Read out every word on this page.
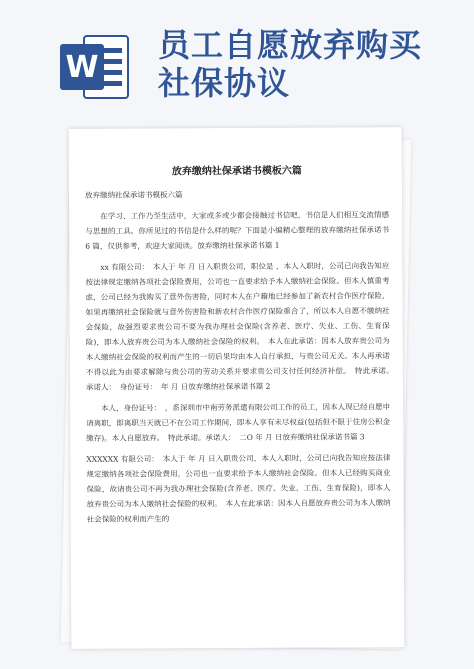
W
员工自愿放弃购买
社保协议
放弃缴纳社保承诺书模板六篇

放弃缴纳社保承诺书模板六篇

在学习、工作乃至生活中，大家或多或少都会接触过书信吧，书信是人们相互交流情感与思想的工具。你所见过的书信是什么样的呢？下面是小编精心整理的放弃缴纳社保承诺书 6 篇，仅供参考，欢迎大家阅读。放弃缴纳社保承诺书篇 1

xx 有限公司：　本人于 年 月 日入职贵公司，职位是 ，本人入职时，公司已向我告知应按法律规定缴纳各项社会保险费用，公司也一直要求给予本人缴纳社会保险。但本人慎重考虑，公司已经为我购买了意外伤害险，同时本人在户籍地已经参加了新农村合作医疗保险，如果再缴纳社会保险就与意外伤害险和新农村合作医疗保险重合了，所以本人自愿不缴纳社会保险，故强烈要求贵公司不要为我办理社会保险(含养老、医疗、失业、工伤、生育保险)，即本人放弃贵公司为本人缴纳社会保险的权利。　本人在此承诺：因本人放弃贵公司为本人缴纳社会保险的权利而产生的一切后果均由本人自行承担，与贵公司无关。本人再承诺不得以此为由要求解除与贵公司的劳动关系并要求贵公司支付任何经济补偿。　特此承诺。　承诺人：　身份证号：　年 月 日放弃缴纳社保承诺书篇 2

本人，身份证号：　，系深圳市中南劳务派遣有限公司工作的员工，因本人现已经自愿申请离职，即离职当天就已不在公司工作期间，即本人享有未尽权益(包括但不限于住房公积金缴存)。本人自愿放弃。　特此承诺。承诺人：　二O 年 月 日放弃缴纳社保承诺书篇 3

XXXXXX 有限公司：　本人于 年 月 日入职贵公司，本人入职时，公司已向我告知应按法律规定缴纳各项社会保险费用，公司也一直要求给予本人缴纳社会保险。但本人已经购买商业保险，故请贵公司不再为我办理社会保险(含养老、医疗、失业、工伤、生育保险)，即本人放弃贵公司为本人缴纳社会保险的权利。　本人在此承诺：因本人自愿放弃贵公司为本人缴纳社会保险的权利而产生的
